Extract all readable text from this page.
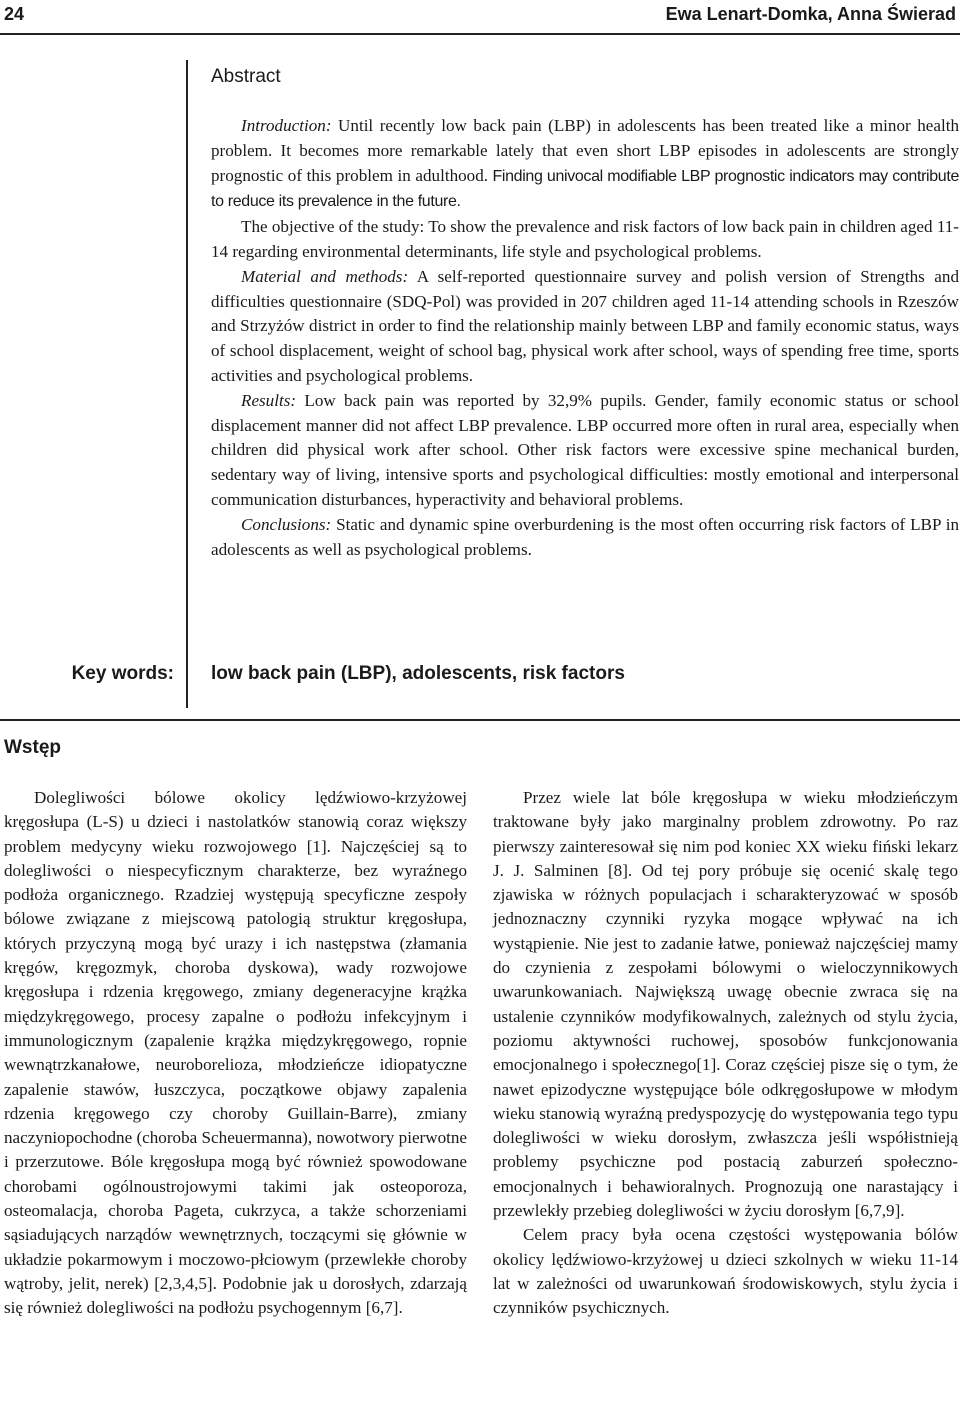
24	Ewa Lenart-Domka, Anna Świerad
Abstract

Introduction: Until recently low back pain (LBP) in adolescents has been treated like a minor health problem. It becomes more remarkable lately that even short LBP episodes in adolescents are strongly prognostic of this problem in adulthood. Finding univocal modifiable LBP prognostic indicators may contribute to reduce its prevalence in the future.

The objective of the study: To show the prevalence and risk factors of low back pain in children aged 11-14 regarding environmental determinants, life style and psychological problems.

Material and methods: A self-reported questionnaire survey and polish version of Strengths and difficulties questionnaire (SDQ-Pol) was provided in 207 children aged 11-14 attending schools in Rzeszów and Strzyżów district in order to find the relationship mainly between LBP and family economic status, ways of school displacement, weight of school bag, physical work after school, ways of spending free time, sports activities and psychological problems.

Results: Low back pain was reported by 32,9% pupils. Gender, family economic status or school displacement manner did not affect LBP prevalence. LBP occurred more often in rural area, especially when children did physical work after school. Other risk factors were excessive spine mechanical burden, sedentary way of living, intensive sports and psychological difficulties: mostly emotional and interpersonal communication disturbances, hyperactivity and behavioral problems.

Conclusions: Static and dynamic spine overburdening is the most often occurring risk factors of LBP in adolescents as well as psychological problems.

Key words: low back pain (LBP), adolescents, risk factors
Wstęp

Dolegliwości bólowe okolicy lędźwiowo-krzyżowej kręgosłupa (L-S) u dzieci i nastolatków stanowią coraz większy problem medycyny wieku rozwojowego [1]. Najczęściej są to dolegliwości o niespecyficznym charakterze, bez wyraźnego podłoża organicznego. Rzadziej występują specyficzne zespoły bólowe związane z miejscową patologią struktur kręgosłupa, których przyczyną mogą być urazy i ich następstwa (złamania kręgów, kręgozmyk, choroba dyskowa), wady rozwojowe kręgosłupa i rdzenia kręgowego, zmiany degeneracyjne krążka międzykręgowego, procesy zapalne o podłożu infekcyjnym i immunologicznym (zapalenie krążka międzykręgowego, ropnie wewnątrzkanałowe, neuroborelioza, młodzieńcze idiopatyczne zapalenie stawów, łuszczyca, początkowe objawy zapalenia rdzenia kręgowego czy choroby Guillain-Barre), zmiany naczyniopochodne (choroba Scheuermanna), nowotwory pierwotne i przerzutowe. Bóle kręgosłupa mogą być również spowodowane chorobami ogólnoustrojowymi takimi jak osteoporoza, osteomalacja, choroba Pageta, cukrzyca, a także schorzeniami sąsiadujących narządów wewnętrznych, toczącymi się głównie w układzie pokarmowym i moczowo-płciowym (przewlekłe choroby wątroby, jelit, nerek) [2,3,4,5]. Podobnie jak u dorosłych, zdarzają się również dolegliwości na podłożu psychogennym [6,7].

Przez wiele lat bóle kręgosłupa w wieku młodzieńczym traktowane były jako marginalny problem zdrowotny. Po raz pierwszy zainteresował się nim pod koniec XX wieku fiński lekarz J. J. Salminen [8]. Od tej pory próbuje się ocenić skalę tego zjawiska w różnych populacjach i scharakteryzować w sposób jednoznaczny czynniki ryzyka mogące wpływać na ich wystąpienie. Nie jest to zadanie łatwe, ponieważ najczęściej mamy do czynienia z zespołami bólowymi o wieloczynnikowych uwarunkowaniach. Największą uwagę obecnie zwraca się na ustalenie czynników modyfikowalnych, zależnych od stylu życia, poziomu aktywności ruchowej, sposobów funkcjonowania emocjonalnego i społecznego[1]. Coraz częściej pisze się o tym, że nawet epizodyczne występujące bóle odkręgosłupowe w młodym wieku stanowią wyraźną predyspozycję do występowania tego typu dolegliwości w wieku dorosłym, zwłaszcza jeśli współistnieją problemy psychiczne pod postacią zaburzeń społeczno-emocjonalnych i behawioralnych. Prognozują one narastający i przewlekły przebieg dolegliwości w życiu dorosłym [6,7,9].

Celem pracy była ocena częstości występowania bólów okolicy lędźwiowo-krzyżowej u dzieci szkolnych w wieku 11-14 lat w zależności od uwarunkowań środowiskowych, stylu życia i czynników psychicznych.
